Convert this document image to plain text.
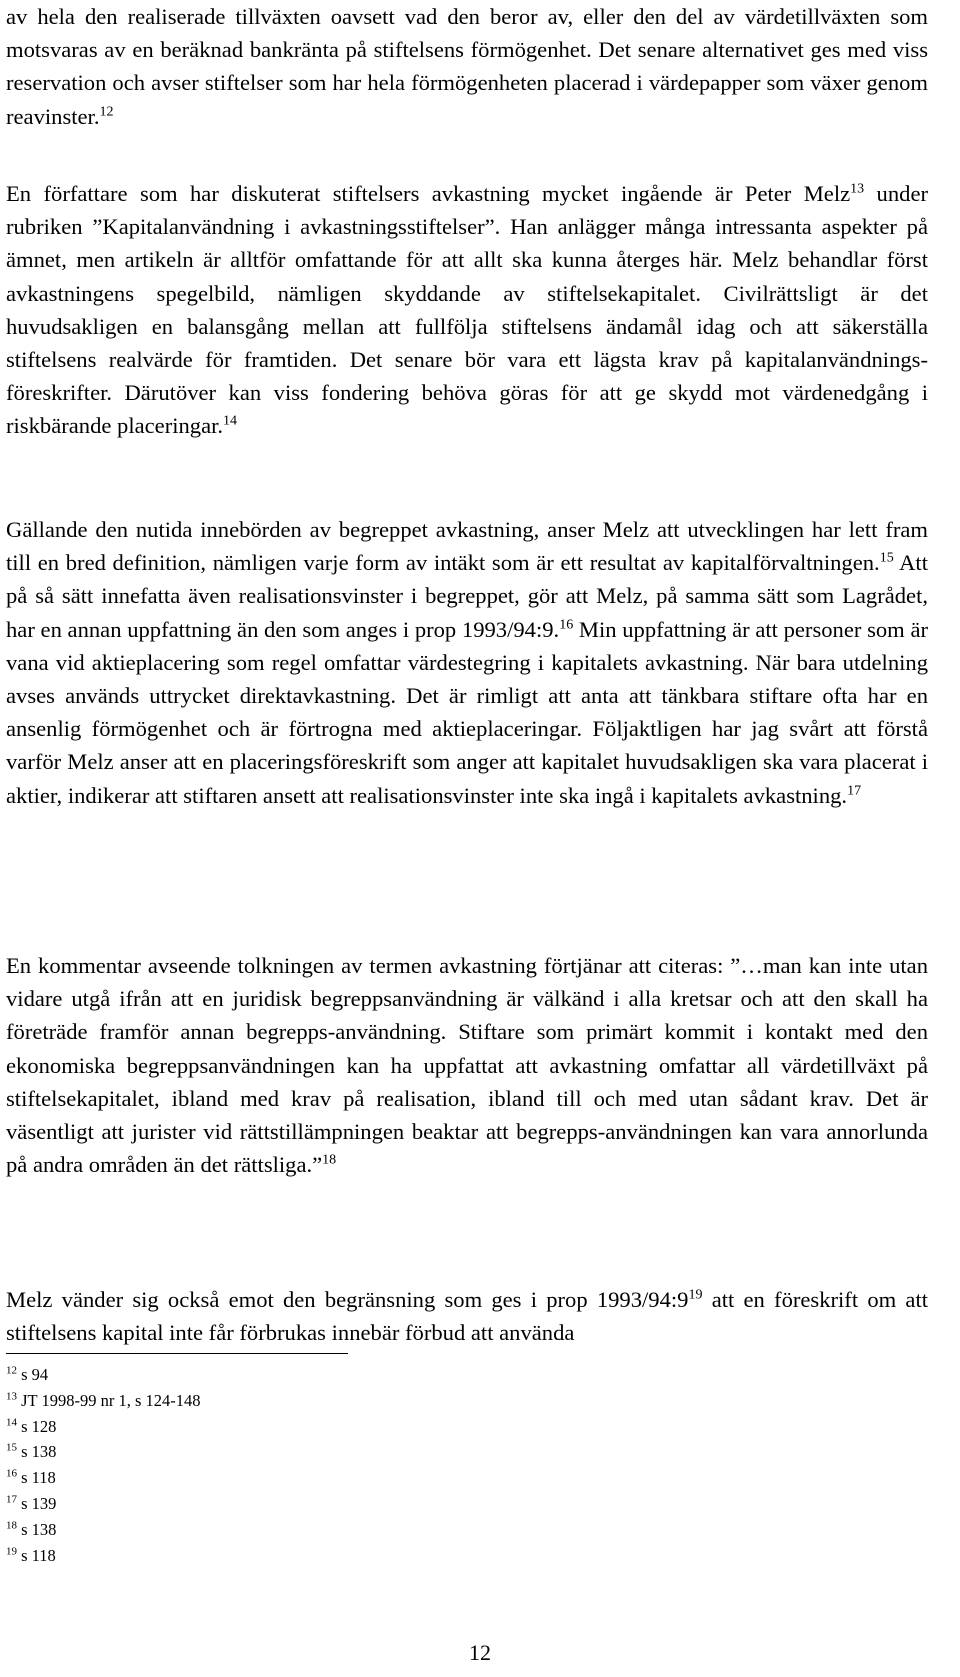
av hela den realiserade tillväxten oavsett vad den beror av, eller den del av värdetillväxten som motsvaras av en beräknad bankränta på stiftelsens förmögenhet. Det senare alternativet ges med viss reservation och avser stiftelser som har hela förmögenheten placerad i värdepapper som växer genom reavinster.$^{12}$
En författare som har diskuterat stiftelsers avkastning mycket ingående är Peter Melz$^{13}$ under rubriken ”Kapitalanvändning i avkastningsstiftelser”. Han anlägger många intressanta aspekter på ämnet, men artikeln är alltför omfattande för att allt ska kunna återges här. Melz behandlar först avkastningens spegelbild, nämligen skyddande av stiftelsekapitalet. Civilrättsligt är det huvudsakligen en balansgång mellan att fullfölja stiftelsens ändamål idag och att säkerställa stiftelsens realvärde för framtiden. Det senare bör vara ett lägsta krav på kapitalanvändnings-föreskrifter. Därutöver kan viss fondering behöva göras för att ge skydd mot värdenedgång i riskbärande placeringar.$^{14}$
Gällande den nutida innebörden av begreppet avkastning, anser Melz att utvecklingen har lett fram till en bred definition, nämligen varje form av intäkt som är ett resultat av kapitalförvaltningen.$^{15}$ Att på så sätt innefatta även realisationsvinster i begreppet, gör att Melz, på samma sätt som Lagrådet, har en annan uppfattning än den som anges i prop 1993/94:9.16 Min uppfattning är att personer som är vana vid aktieplacering som regel omfattar värdestegring i kapitalets avkastning. När bara utdelning avses används uttrycket direktavkastning. Det är rimligt att anta att tänkbara stiftare ofta har en ansenlig förmögenhet och är förtrogna med aktieplaceringar. Följaktligen har jag svårt att förstå varför Melz anser att en placeringsföreskrift som anger att kapitalet huvudsakligen ska vara placerat i aktier, indikerar att stiftaren ansett att realisationsvinster inte ska ingå i kapitalets avkastning.$^{17}$
En kommentar avseende tolkningen av termen avkastning förtjänar att citeras: ”…man kan inte utan vidare utgå ifrån att en juridisk begreppsanvändning är välkänd i alla kretsar och att den skall ha företräde framför annan begrepps-användning. Stiftare som primärt kommit i kontakt med den ekonomiska begreppsanvändningen kan ha uppfattat att avkastning omfattar all värdetillväxt på stiftelsekapitalet, ibland med krav på realisation, ibland till och med utan sådant krav. Det är väsentligt att jurister vid rättstillämpningen beaktar att begrepps-användningen kan vara annorlunda på andra områden än det rättsliga.”$^{18}$
Melz vänder sig också emot den begränsning som ges i prop $1993/94:9^{19}$ att en föreskrift om att stiftelsens kapital inte får förbrukas innebär förbud att använda
$^{12}$ s 94
$^{13}$ JT 1998-99 nr 1, s 124-148
$^{14}$ s 128
$^{15}$ s 138
$^{16}$ s 118
$^{17}$ s 139
$^{18}$ s 138
$^{19}$ s 118
12
